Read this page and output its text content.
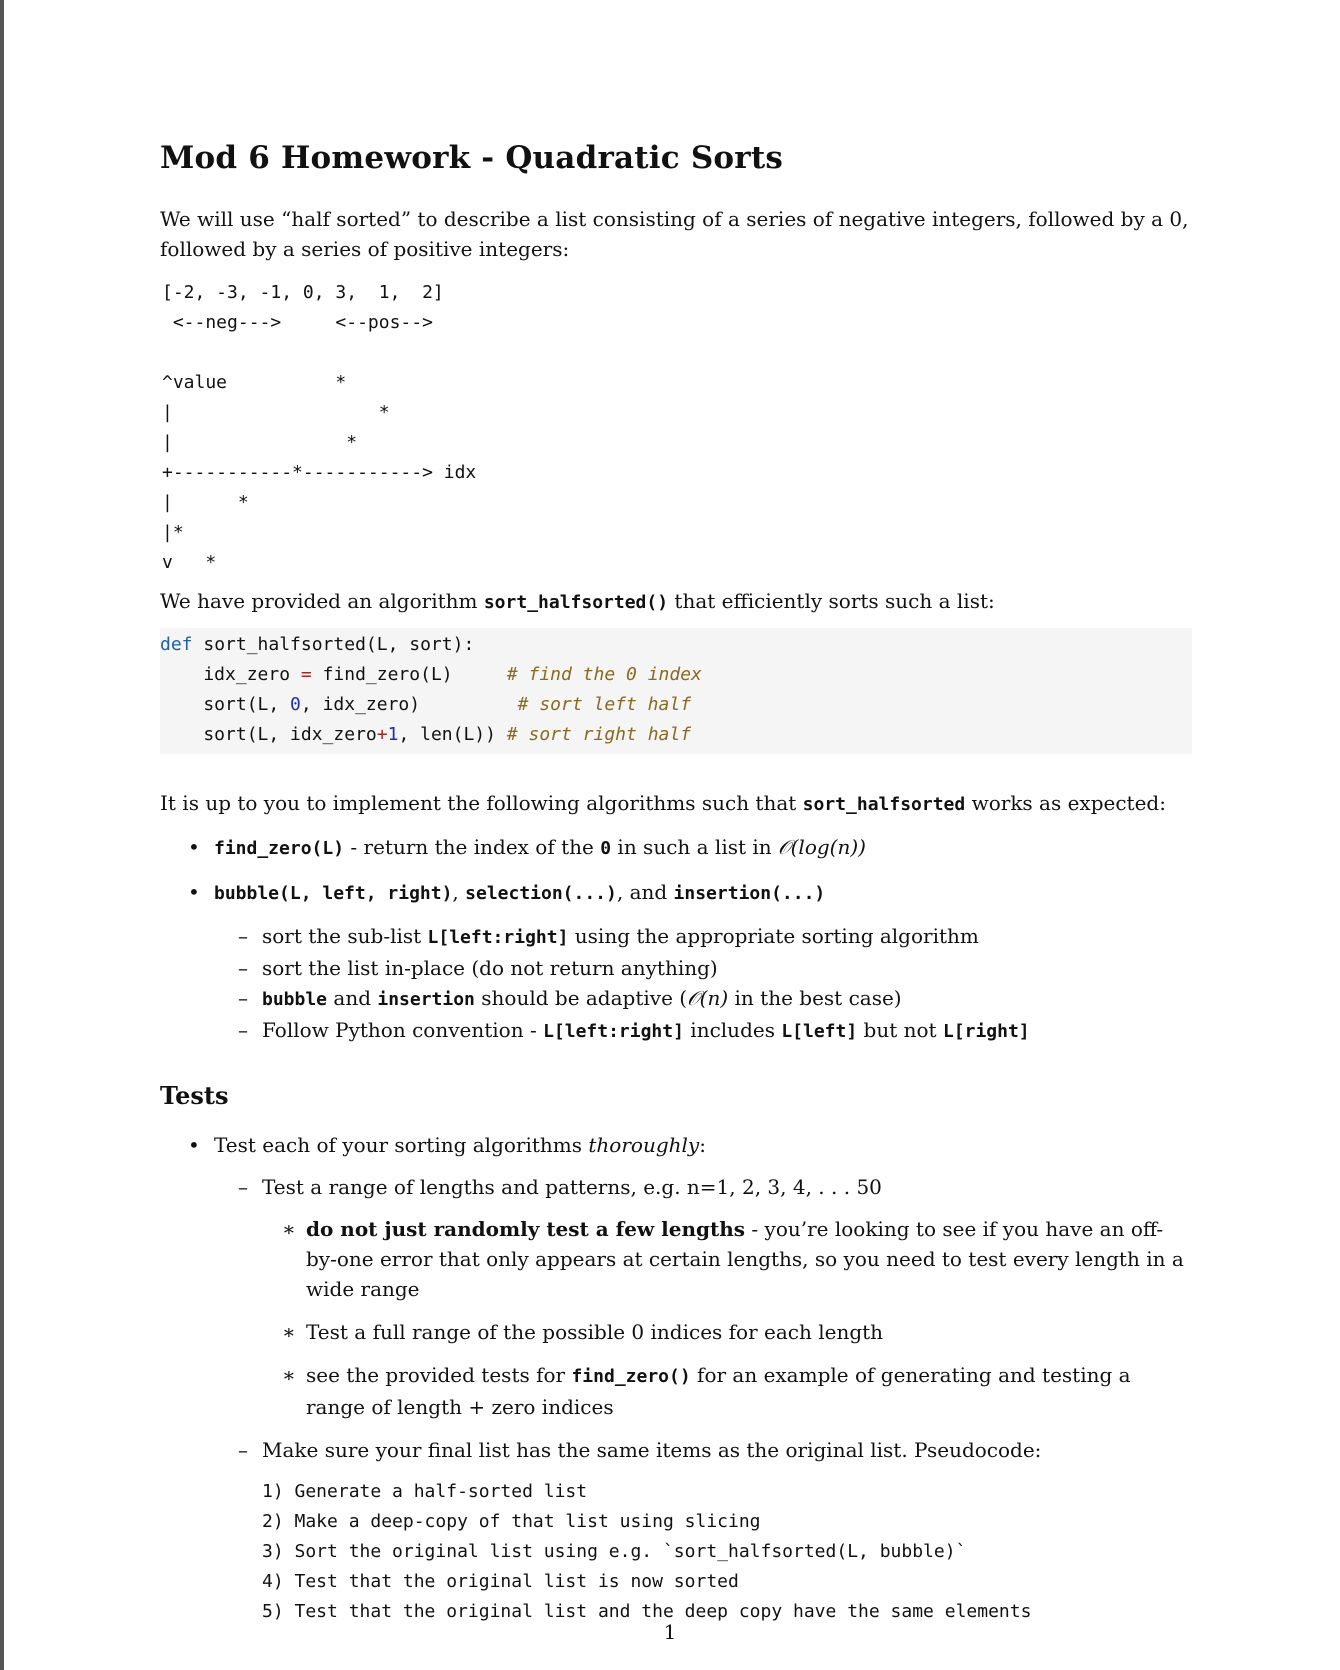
Mod 6 Homework - Quadratic Sorts

We will use “half sorted” to describe a list consisting of a series of negative integers, followed by a 0, followed by a series of positive integers:

[-2, -3, -1, 0, 3,  1,  2]
<--neg--->     <--pos-->
^value          *
|                   *
|                *
+-----------*-----------> idx
|      *
|*
v   *

We have provided an algorithm sort_halfsorted() that efficiently sorts such a list:

def sort_halfsorted(L, sort):
idx_zero = find_zero(L)     # find the 0 index
sort(L, 0, idx_zero)         # sort left half
sort(L, idx_zero+1, len(L)) # sort right half

It is up to you to implement the following algorithms such that sort_halfsorted works as expected:

• find_zero(L) - return the index of the 0 in such a list in 𝒪(log(n))
• bubble(L, left, right), selection(...), and insertion(...)
– sort the sub-list L[left:right] using the appropriate sorting algorithm
– sort the list in-place (do not return anything)
– bubble and insertion should be adaptive (𝒪(n) in the best case)
– Follow Python convention - L[left:right] includes L[left] but not L[right]
Tests
• Test each of your sorting algorithms thoroughly:
– Test a range of lengths and patterns, e.g. n=1, 2, 3, 4, . . . 50
∗ do not just randomly test a few lengths - you’re looking to see if you have an off-by-one error that only appears at certain lengths, so you need to test every length in a wide range
∗ Test a full range of the possible 0 indices for each length
∗ see the provided tests for find_zero() for an example of generating and testing a range of length + zero indices
– Make sure your final list has the same items as the original list. Pseudocode:
1) Generate a half-sorted list
2) Make a deep-copy of that list using slicing
3) Sort the original list using e.g. `sort_halfsorted(L, bubble)`
4) Test that the original list is now sorted
5) Test that the original list and the deep copy have the same elements
1
